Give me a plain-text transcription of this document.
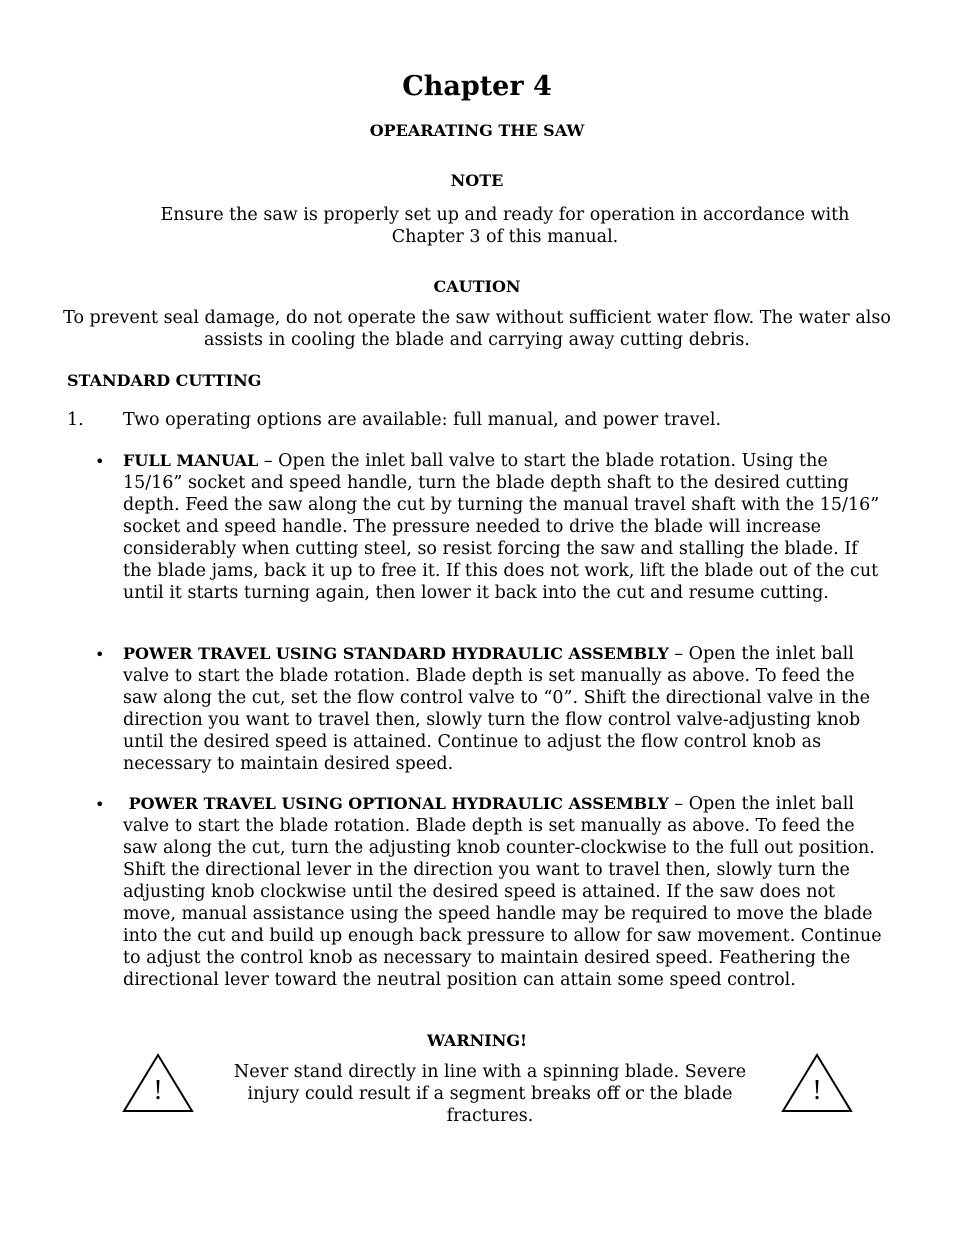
Chapter 4
OPEARATING THE SAW
NOTE
Ensure the saw is properly set up and ready for operation in accordance with Chapter 3 of this manual.
CAUTION
To prevent seal damage, do not operate the saw without sufficient water flow. The water also assists in cooling the blade and carrying away cutting debris.
STANDARD CUTTING
1. Two operating options are available: full manual, and power travel.
• FULL MANUAL – Open the inlet ball valve to start the blade rotation. Using the 15/16” socket and speed handle, turn the blade depth shaft to the desired cutting depth. Feed the saw along the cut by turning the manual travel shaft with the 15/16” socket and speed handle. The pressure needed to drive the blade will increase considerably when cutting steel, so resist forcing the saw and stalling the blade. If the blade jams, back it up to free it. If this does not work, lift the blade out of the cut until it starts turning again, then lower it back into the cut and resume cutting.
• POWER TRAVEL USING STANDARD HYDRAULIC ASSEMBLY – Open the inlet ball valve to start the blade rotation. Blade depth is set manually as above. To feed the saw along the cut, set the flow control valve to “0”. Shift the directional valve in the direction you want to travel then, slowly turn the flow control valve-adjusting knob until the desired speed is attained. Continue to adjust the flow control knob as necessary to maintain desired speed.
• POWER TRAVEL USING OPTIONAL HYDRAULIC ASSEMBLY – Open the inlet ball valve to start the blade rotation. Blade depth is set manually as above. To feed the saw along the cut, turn the adjusting knob counter-clockwise to the full out position. Shift the directional lever in the direction you want to travel then, slowly turn the adjusting knob clockwise until the desired speed is attained. If the saw does not move, manual assistance using the speed handle may be required to move the blade into the cut and build up enough back pressure to allow for saw movement. Continue to adjust the control knob as necessary to maintain desired speed. Feathering the directional lever toward the neutral position can attain some speed control.
WARNING!
!
Never stand directly in line with a spinning blade. Severe injury could result if a segment breaks off or the blade fractures.
!
